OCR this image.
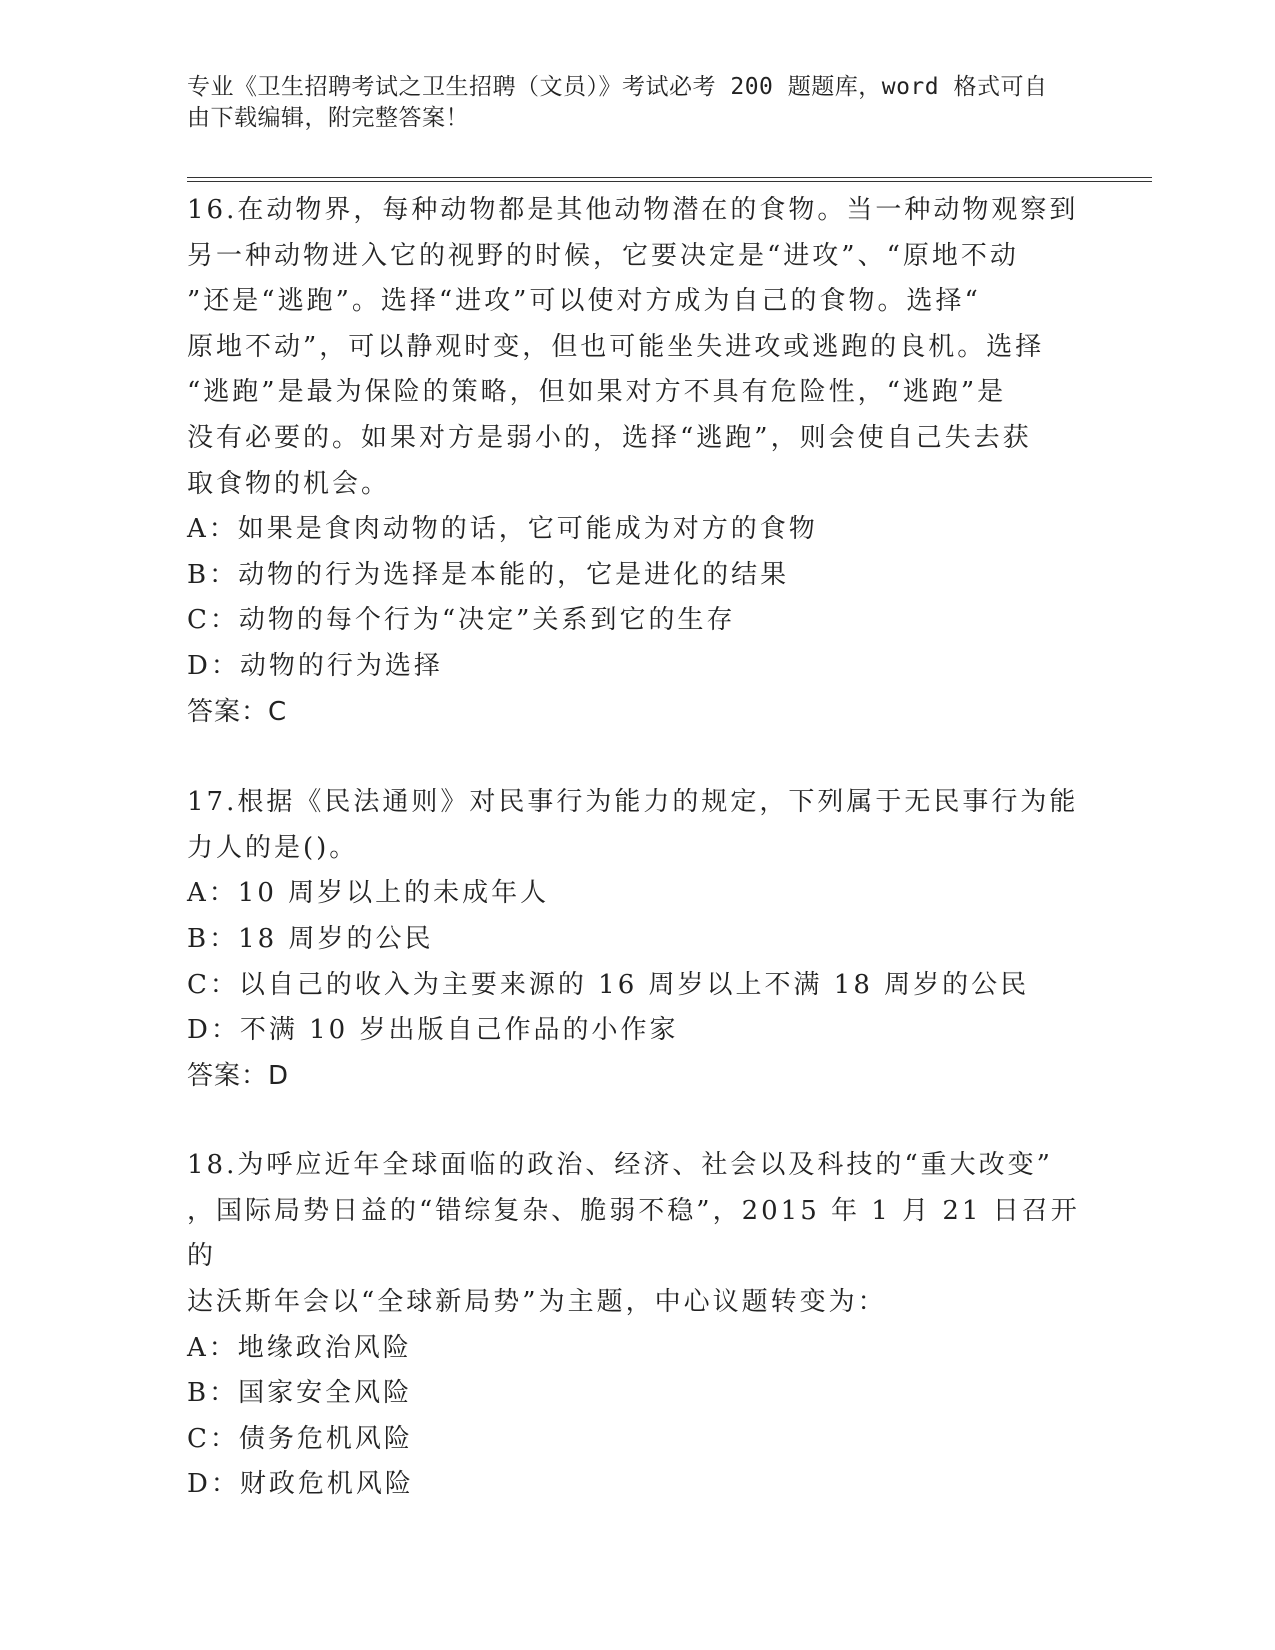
专业《卫生招聘考试之卫生招聘（文员）》考试必考 200 题题库，word 格式可自
由下载编辑，附完整答案！
16.在动物界，每种动物都是其他动物潜在的食物。当一种动物观察到
另一种动物进入它的视野的时候，它要决定是“进攻”、“原地不动
”还是“逃跑”。选择“进攻”可以使对方成为自己的食物。选择“
原地不动”，可以静观时变，但也可能坐失进攻或逃跑的良机。选择
“逃跑”是最为保险的策略，但如果对方不具有危险性，“逃跑”是
没有必要的。如果对方是弱小的，选择“逃跑”，则会使自己失去获
取食物的机会。
A：如果是食肉动物的话，它可能成为对方的食物
B：动物的行为选择是本能的，它是进化的结果
C：动物的每个行为“决定”关系到它的生存
D：动物的行为选择
答案：C
17.根据《民法通则》对民事行为能力的规定，下列属于无民事行为能
力人的是()。
A：10 周岁以上的未成年人
B：18 周岁的公民
C：以自己的收入为主要来源的 16 周岁以上不满 18 周岁的公民
D：不满 10 岁出版自己作品的小作家
答案：D
18.为呼应近年全球面临的政治、经济、社会以及科技的“重大改变”
，国际局势日益的“错综复杂、脆弱不稳”，2015 年 1 月 21 日召开的
达沃斯年会以“全球新局势”为主题，中心议题转变为：
A：地缘政治风险
B：国家安全风险
C：债务危机风险
D：财政危机风险
